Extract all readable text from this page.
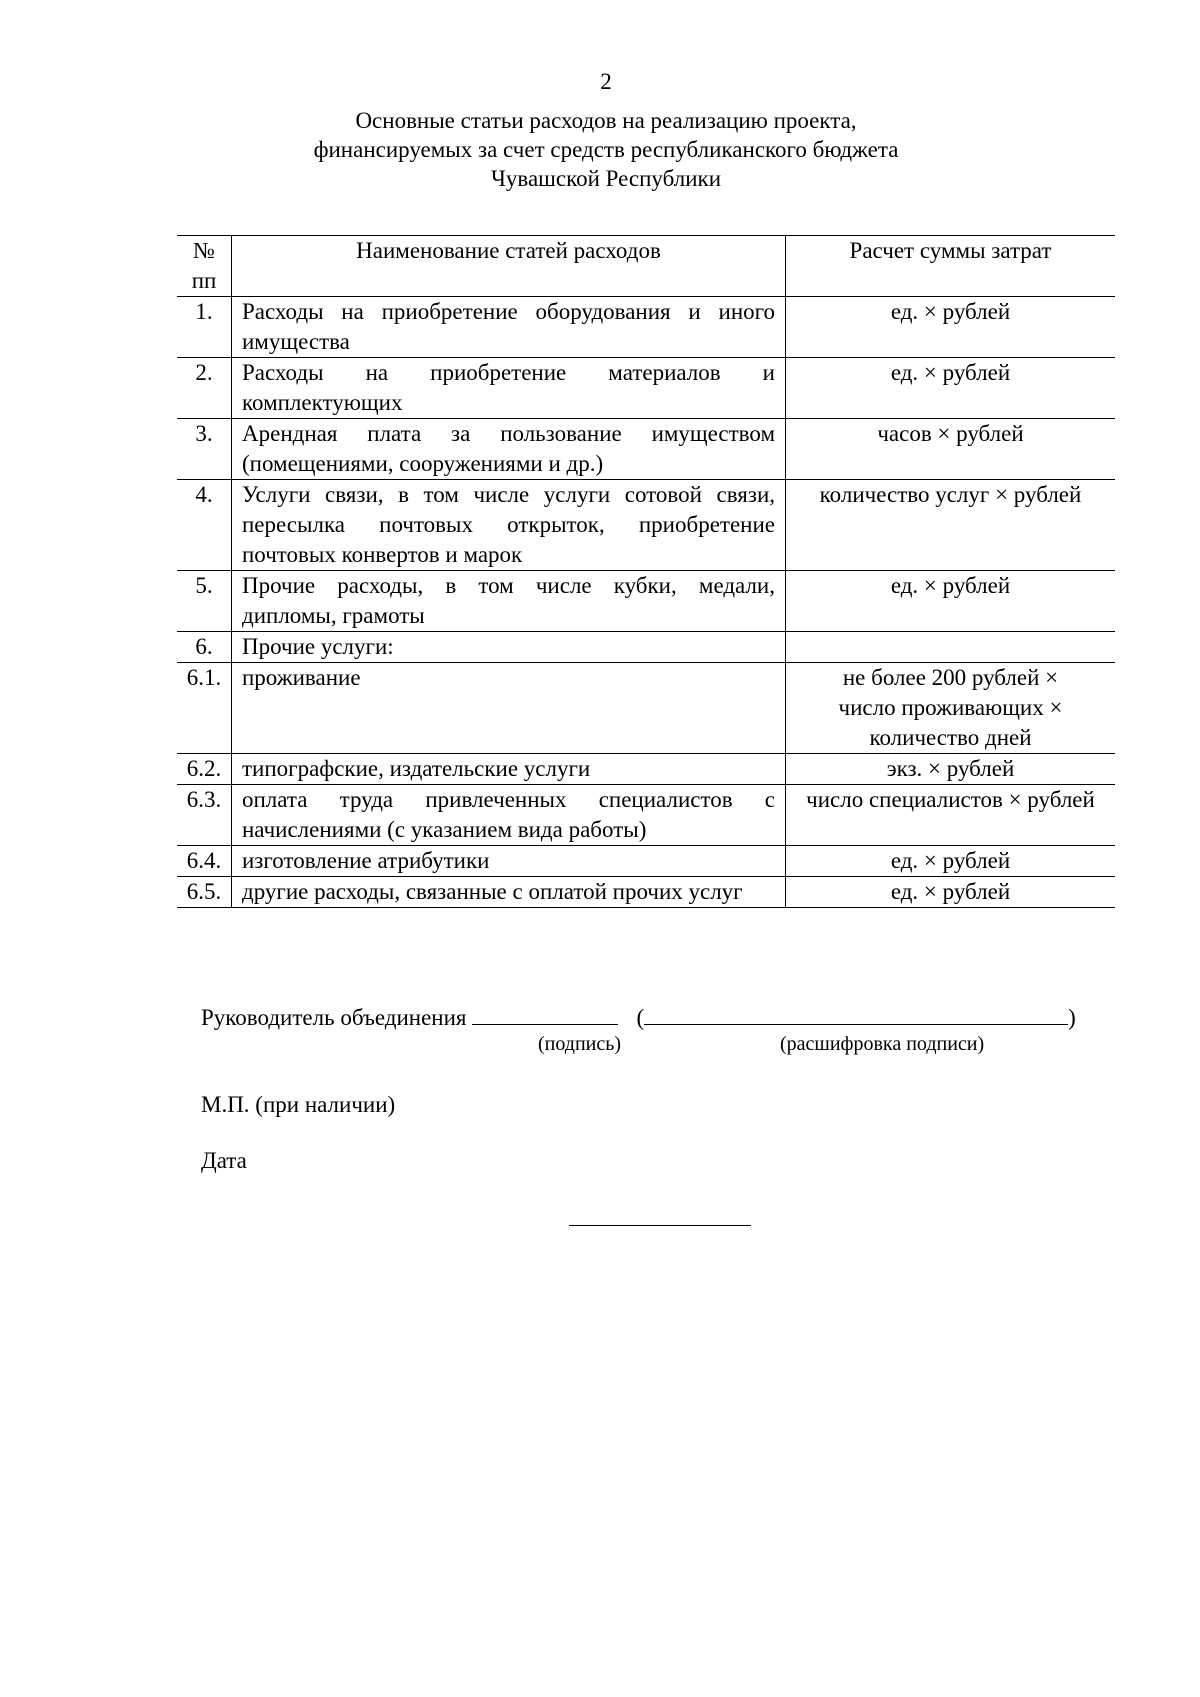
2
Основные статьи расходов на реализацию проекта,
финансируемых за счет средств республиканского бюджета
Чувашской Республики
№
пп	Наименование статей расходов	Расчет суммы затрат
1.	Расходы на приобретение оборудования и иного имущества	ед. × рублей
2.	Расходы на приобретение материалов и комплектующих	ед. × рублей
3.	Арендная плата за пользование имуществом (помещениями, сооружениями и др.)	часов × рублей
4.	Услуги связи, в том числе услуги сотовой связи, пересылка почтовых открыток, приобретение почтовых конвертов и марок	количество услуг × рублей
5.	Прочие расходы, в том числе кубки, медали, дипломы, грамоты	ед. × рублей
6.	Прочие услуги:	
6.1.	проживание	не более 200 рублей × число проживающих × количество дней
6.2.	типографские, издательские услуги	экз. × рублей
6.3.	оплата труда привлеченных специалистов с начислениями (с указанием вида работы)	число специалистов × рублей
6.4.	изготовление атрибутики	ед. × рублей
6.5.	другие расходы, связанные с оплатой прочих услуг	ед. × рублей
Руководитель объединения	(	)
(подпись)	(расшифровка подписи)
М.П. (при наличии)
Дата
